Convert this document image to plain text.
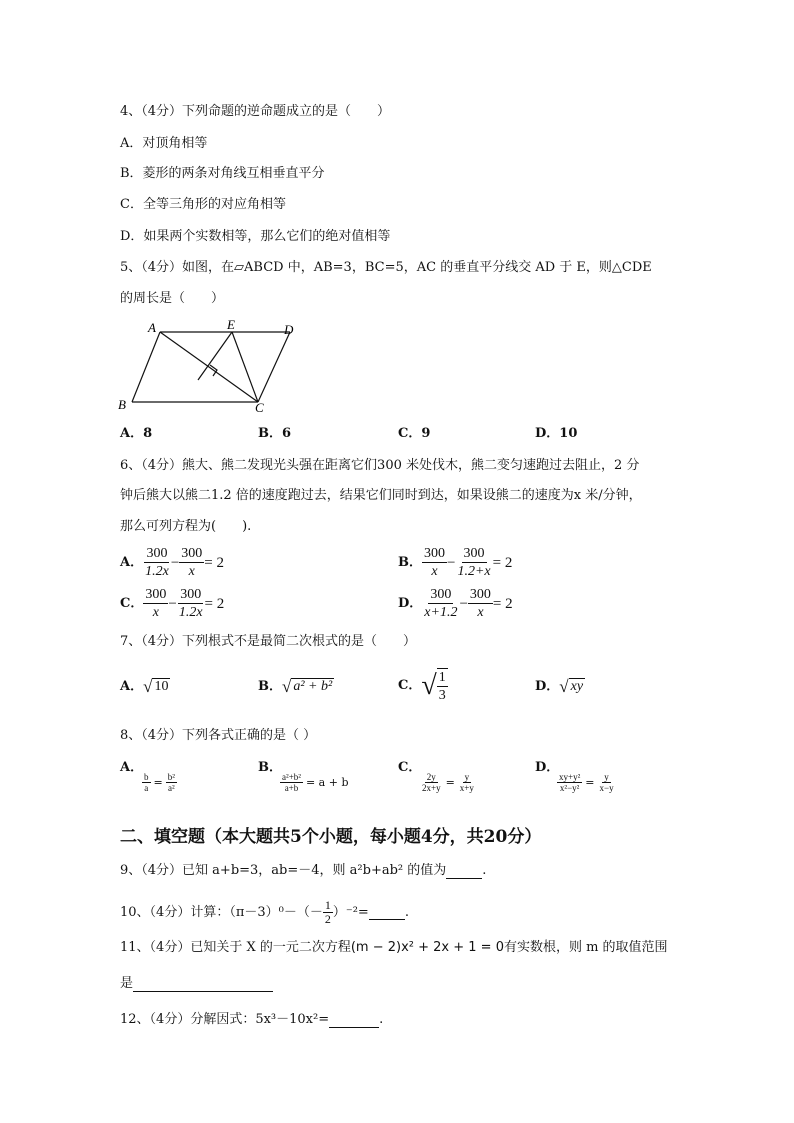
4、（4分）下列命题的逆命题成立的是（　　）
A．对顶角相等
B．菱形的两条对角线互相垂直平分
C．全等三角形的对应角相等
D．如果两个实数相等，那么它们的绝对值相等
5、（4分）如图，在▱ABCD 中，AB=3，BC=5，AC 的垂直平分线交 AD 于 E，则△CDE
的周长是（　　）
A	E	D
B	C
A．8	B．6	C．9	D．10
6、（4分）熊大、熊二发现光头强在距离它们300 米处伐木，熊二变匀速跑过去阻止，2 分
钟后熊大以熊二1.2 倍的速度跑过去，结果它们同时到达，如果设熊二的速度为x 米/分钟，
那么可列方程为(　　).
A． $\frac{300}{1.2x} - \frac{300}{x} = 2$	B． $\frac{300}{x} - \frac{300}{1.2+x} = 2$
C． $\frac{300}{x} - \frac{300}{1.2x} = 2$	D． $\frac{300}{x+1.2} - \frac{300}{x} = 2$
7、（4分）下列根式不是最简二次根式的是（　　）
A． √ 10	B． √ a² + b²	C． √ $\frac{1}{3}$	D． √ xy
8、（4分）下列各式正确的是（ ）
A．
$\frac{b}{a} = \frac{\text{b²}}{\text{a²}}$
B．
$\frac{\text{a²+b²}}{a+b} = a + b$
C．
$\frac{2y}{2x+y} = \frac{y}{x+y}$
D．
$\frac{\text{xy+y²}}{\text{x²−y²}} = \frac{y}{x-y}$
二、填空题（本大题共5个小题，每小题4分，共20分）
9、（4分）已知 a+b=3，ab=－4，则 a²b+ab² 的值为	.
10、（4分）计算：$(\pi-3)^0-(- \frac{1}{2} )^{-2}=$	.
11、（4分）已知关于 X 的一元二次方程(m − 2)x² + 2x + 1 = 0有实数根，则 m 的取值范围
是
12、（4分）分解因式：5x³－10x²=	.
